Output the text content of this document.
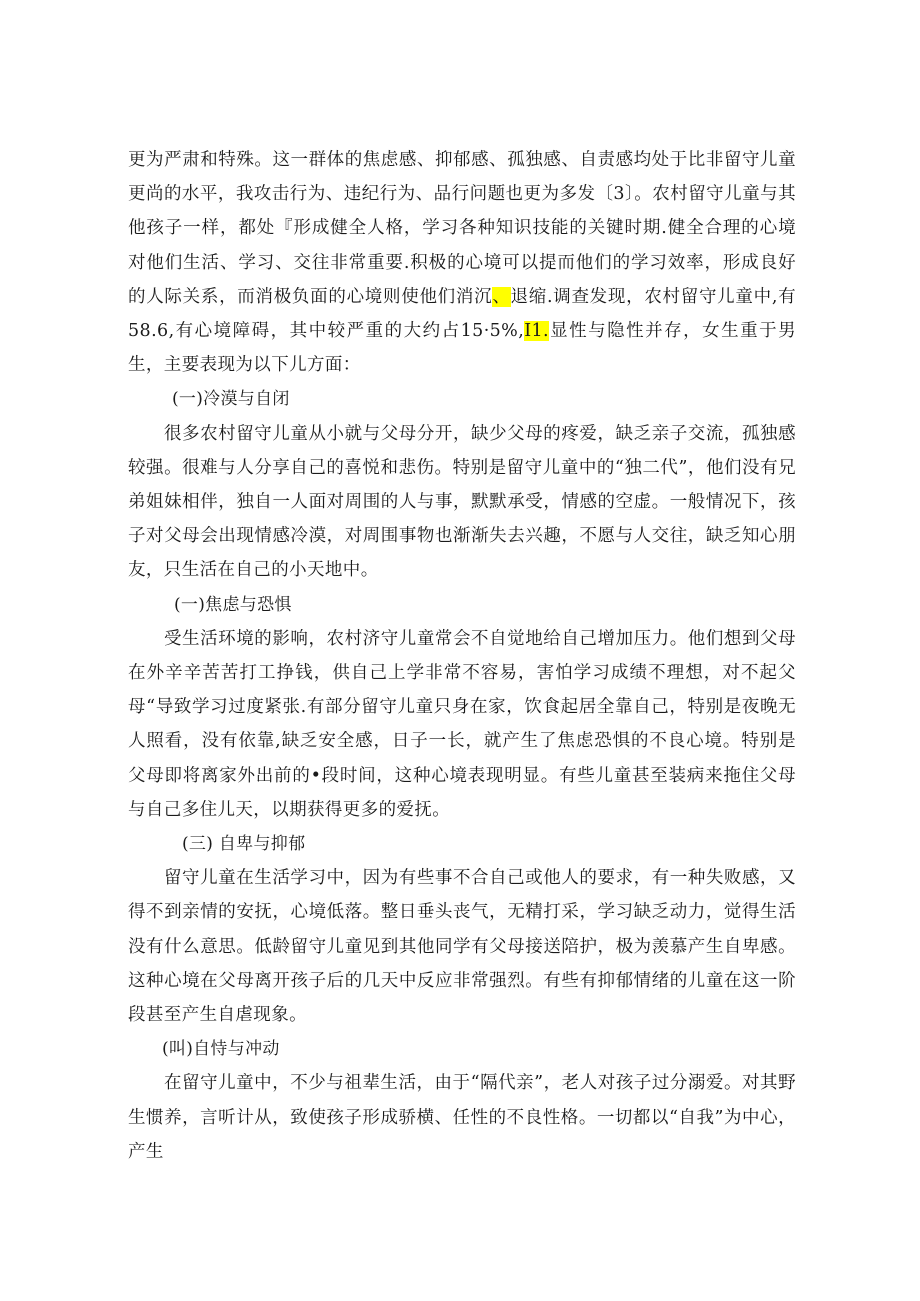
更为严肃和特殊。这一群体的焦虑感、抑郁感、孤独感、自责感均处于比非留守儿童更尚的水平，我攻击行为、违纪行为、品行问题也更为多发〔3〕。农村留守儿童与其他孩子一样，都处『形成健全人格，学习各种知识技能的关键时期.健全合理的心境对他们生活、学习、交往非常重要.积极的心境可以提而他们的学习效率，形成良好的人际关系，而消极负面的心境则使他们消沉、退缩.调查发现，农村留守儿童中,有58.6,有心境障碍，其中较严重的大约占15·5%,I1.显性与隐性并存，女生重于男生，主要表现为以下儿方面：

(一)冷漠与自闭

很多农村留守儿童从小就与父母分开，缺少父母的疼爱，缺乏亲子交流，孤独感较强。很难与人分享自己的喜悦和悲伤。特别是留守儿童中的“独二代”，他们没有兄弟姐妹相伴，独自一人面对周围的人与事，默默承受，情感的空虚。一般情况下，孩子对父母会出现情感冷漠，对周围事物也渐渐失去兴趣，不愿与人交往，缺乏知心朋友，只生活在自己的小天地中。

(一)焦虑与恐惧

受生活环境的影响，农村济守儿童常会不自觉地给自己增加压力。他们想到父母在外辛辛苦苦打工挣钱，供自己上学非常不容易，害怕学习成绩不理想，对不起父母“导致学习过度紧张.有部分留守儿童只身在家，饮食起居全靠自己，特别是夜晚无人照看，没有依靠,缺乏安全感，日子一长，就产生了焦虑恐惧的不良心境。特别是父母即将离家外出前的•段时间，这种心境表现明显。有些儿童甚至装病来拖住父母与自己多住儿天，以期获得更多的爱抚。

(三) 自卑与抑郁

留守儿童在生活学习中，因为有些事不合自己或他人的要求，有一种失败感，又得不到亲情的安抚，心境低落。整日垂头丧气，无精打采，学习缺乏动力，觉得生活没有什么意思。低龄留守儿童见到其他同学有父母接送陪护，极为羡慕产生自卑感。这种心境在父母离开孩子后的几天中反应非常强烈。有些有抑郁情绪的儿童在这一阶段甚至产生自虐现象。

(叫)自恃与冲动

在留守儿童中，不少与祖辈生活，由于“隔代亲”，老人对孩子过分溺爱。对其野生惯养，言听计从，致使孩子形成骄横、任性的不良性格。一切都以“自我”为中心，产生
